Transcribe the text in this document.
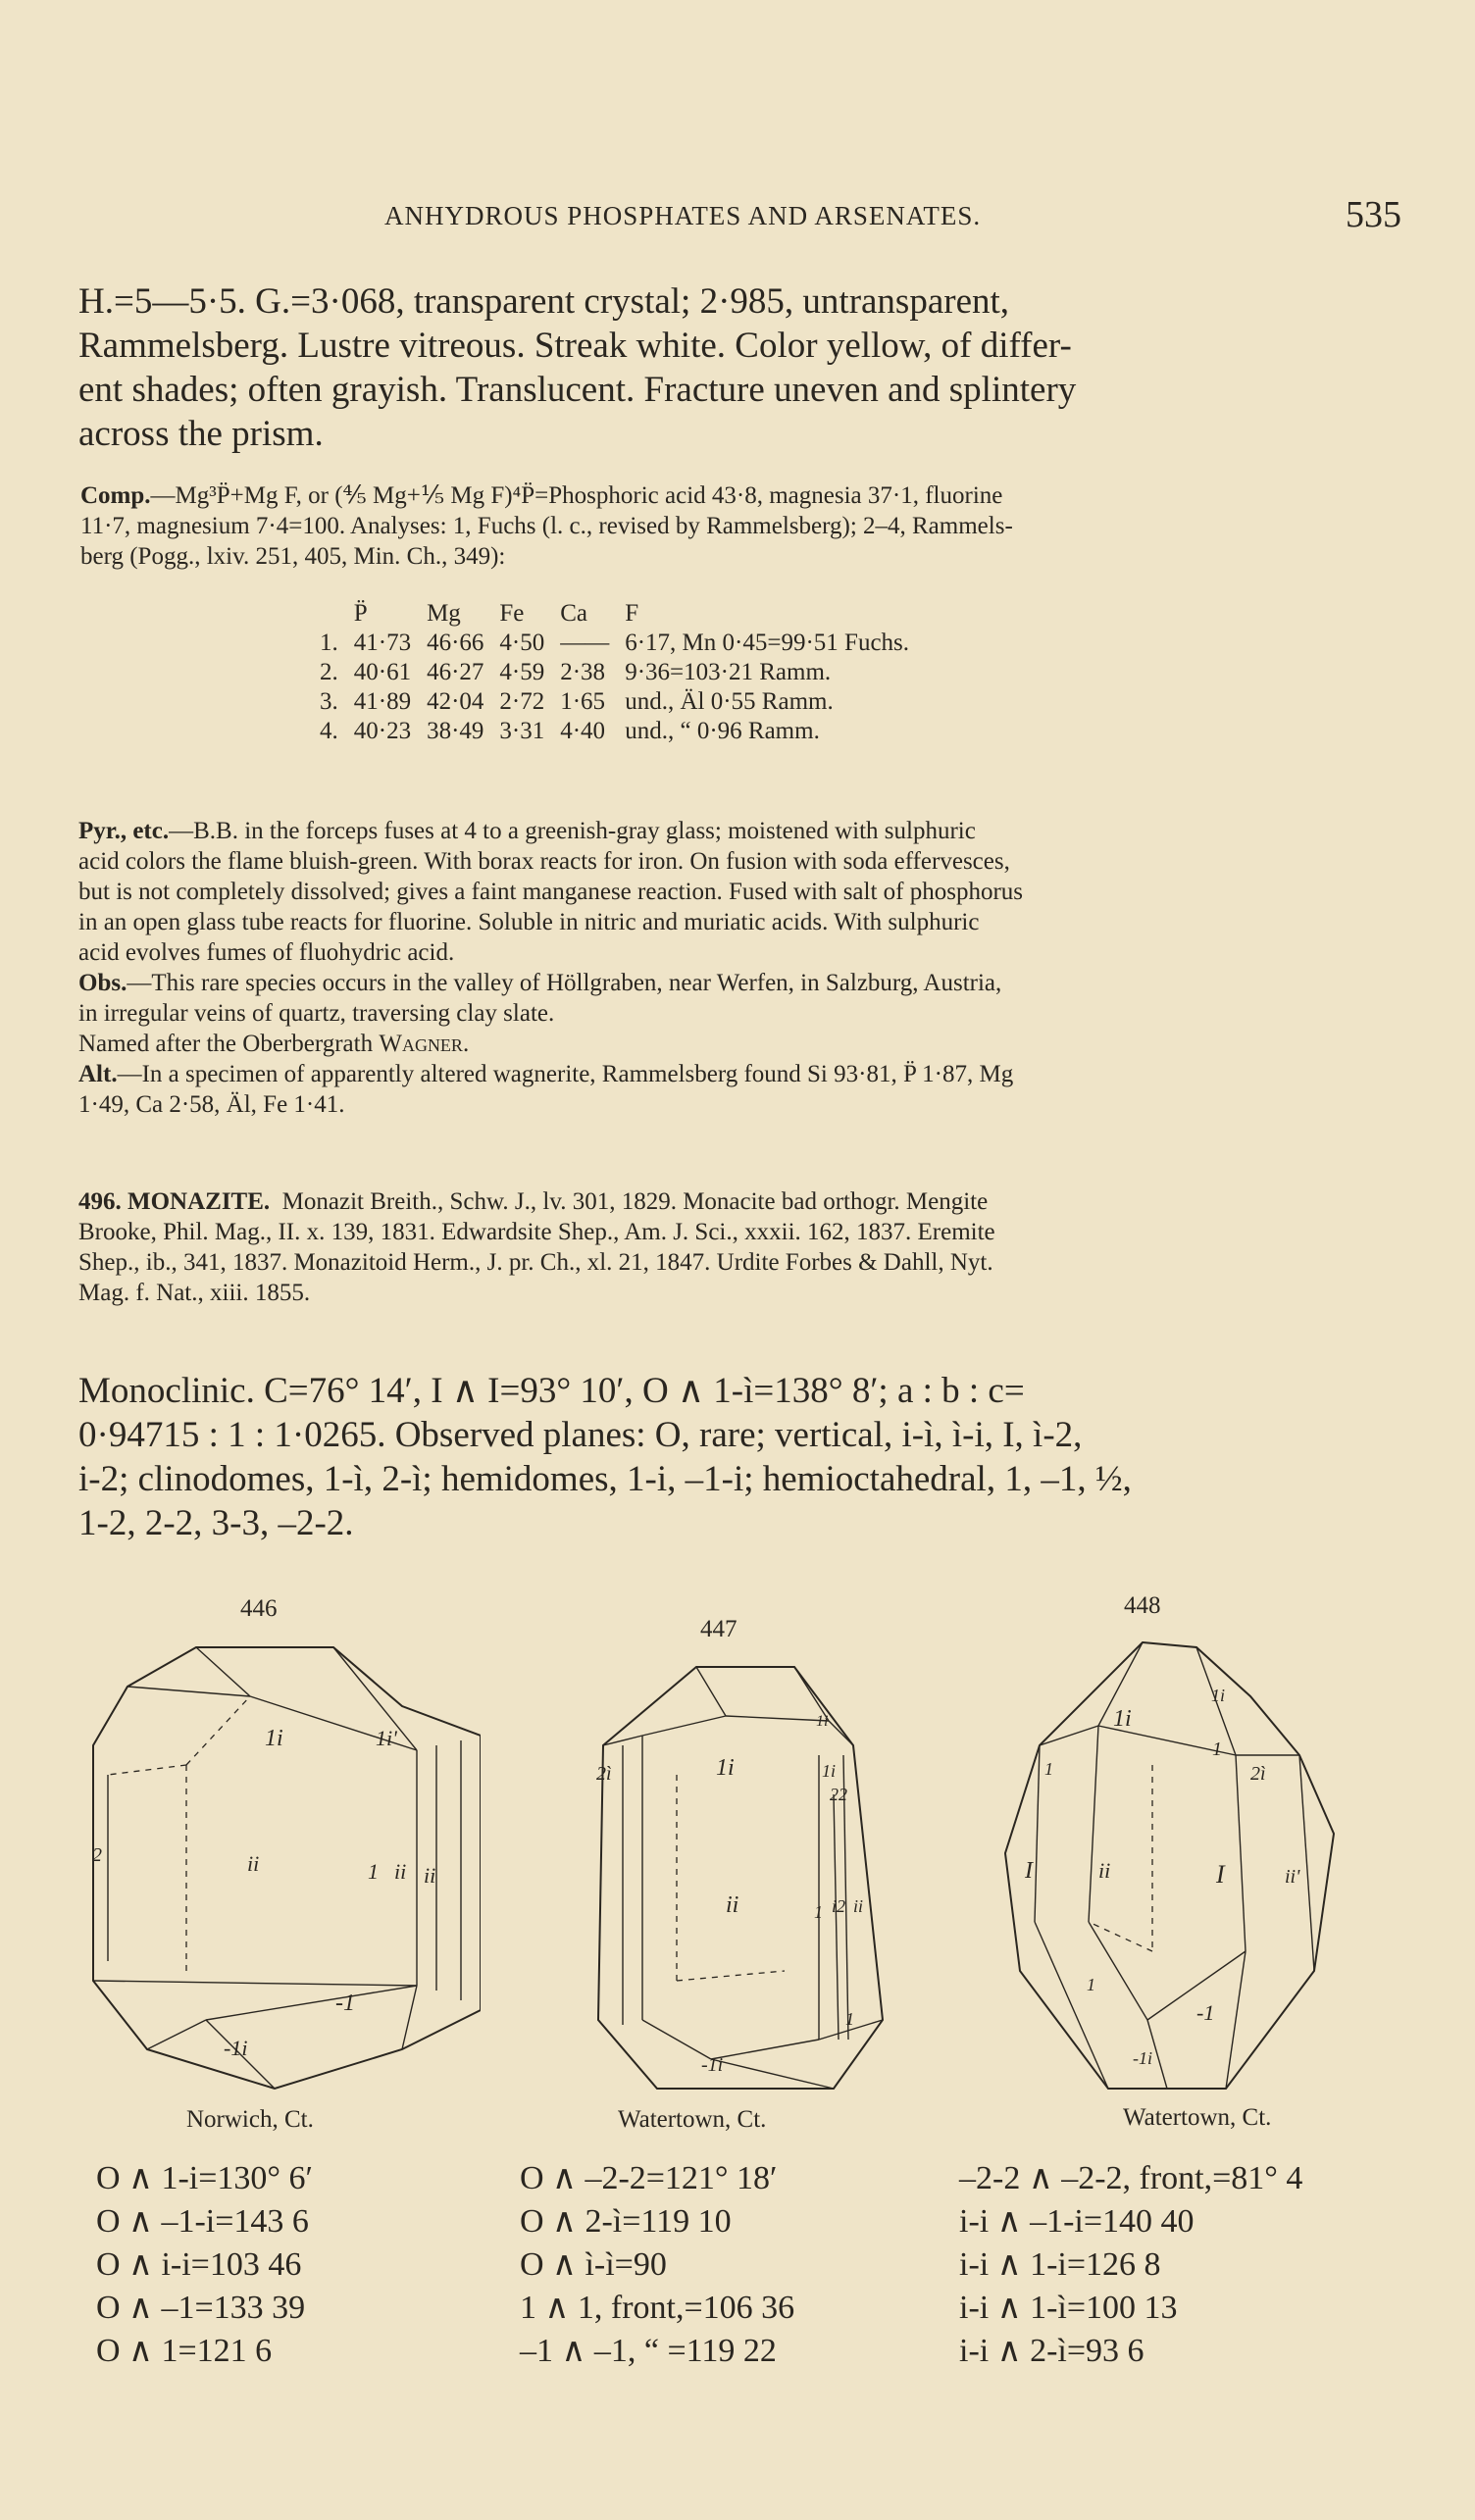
ANHYDROUS PHOSPHATES AND ARSENATES.	535

H.=5—5·5. G.=3·068, transparent crystal; 2·985, untransparent,

Rammelsberg. Lustre vitreous. Streak white. Color yellow, of differ-

ent shades; often grayish. Translucent. Fracture uneven and splintery

across the prism.

Comp.—Mg³P̈+Mg F, or (⅘ Mg+⅕ Mg F)⁴P̈=Phosphoric acid 43·8, magnesia 37·1, fluorine

11·7, magnesium 7·4=100. Analyses: 1, Fuchs (l. c., revised by Rammelsberg); 2–4, Rammels-

berg (Pogg., lxiv. 251, 405, Min. Ch., 349):

	P̈	Mg	Fe	Ca	F
1.	41·73	46·66	4·50	——	6·17, Mn 0·45=99·51 Fuchs.
2.	40·61	46·27	4·59	2·38	9·36=103·21 Ramm.
3.	41·89	42·04	2·72	1·65	und., Äl 0·55 Ramm.
4.	40·23	38·49	3·31	4·40	und., “ 0·96 Ramm.

Pyr., etc.—B.B. in the forceps fuses at 4 to a greenish-gray glass; moistened with sulphuric

acid colors the flame bluish-green. With borax reacts for iron. On fusion with soda effervesces,

but is not completely dissolved; gives a faint manganese reaction. Fused with salt of phosphorus

in an open glass tube reacts for fluorine. Soluble in nitric and muriatic acids. With sulphuric

acid evolves fumes of fluohydric acid.

Obs.—This rare species occurs in the valley of Höllgraben, near Werfen, in Salzburg, Austria,

in irregular veins of quartz, traversing clay slate.

Named after the Oberbergrath Wagner.

Alt.—In a specimen of apparently altered wagnerite, Rammelsberg found Si 93·81, P̈ 1·87, Mg

1·49, Ca 2·58, Äl, Fe 1·41.

496. MONAZITE. Monazit Breith., Schw. J., lv. 301, 1829. Monacite bad orthogr. Mengite

Brooke, Phil. Mag., II. x. 139, 1831. Edwardsite Shep., Am. J. Sci., xxxii. 162, 1837. Eremite

Shep., ib., 341, 1837. Monazitoid Herm., J. pr. Ch., xl. 21, 1847. Urdite Forbes & Dahll, Nyt.

Mag. f. Nat., xiii. 1855.

Monoclinic. C=76° 14′, I ∧ I=93° 10′, O ∧ 1-ì=138° 8′; a : b : c=

0·94715 : 1 : 1·0265. Observed planes: O, rare; vertical, i-ì, ì-i, I, ì-2,

i-2; clinodomes, 1-ì, 2-ì; hemidomes, 1-i, –1-i; hemioctahedral, 1, –1, ½,

1-2, 2-2, 3-3, –2-2.

446
447
448
1i	1i'
ii
2
1 ii ii
-1
-1i
2ì	1i
1i
1i
22
ii	i2 ii
1
1
-1i
1i
1i
1
2ì
1
I	ii	I	ii'
1
-1
-1i
Norwich, Ct.	Watertown, Ct.	Watertown, Ct.
O ∧ 1-i=130° 6′
O ∧ –1-i=143 6
O ∧ i-i=103 46
O ∧ –1=133 39
O ∧ 1=121 6
O ∧ –2-2=121° 18′
O ∧ 2-ì=119 10
O ∧ ì-ì=90
1 ∧ 1, front,=106 36
–1 ∧ –1, “ =119 22
–2-2 ∧ –2-2, front,=81° 4
i-i ∧ –1-i=140 40
i-i ∧ 1-i=126 8
i-i ∧ 1-ì=100 13
i-i ∧ 2-ì=93 6
